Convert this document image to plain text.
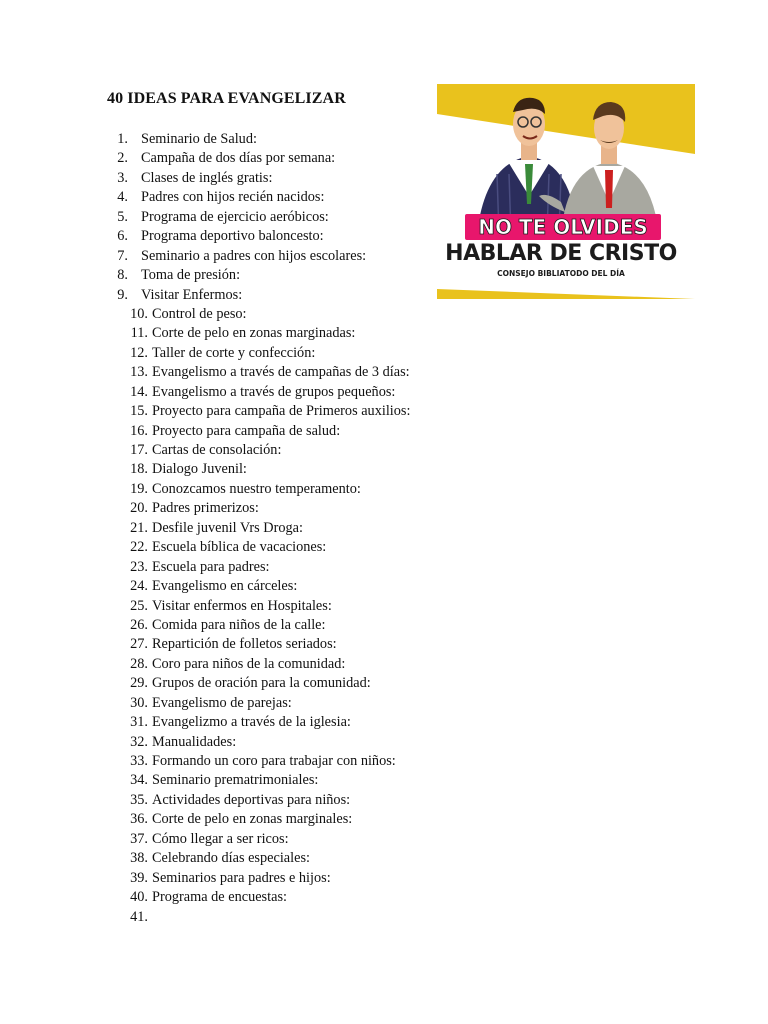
40 IDEAS PARA EVANGELIZAR
1. Seminario de Salud:
2. Campaña de dos días por semana:
3. Clases de inglés gratis:
4. Padres con hijos recién nacidos:
5. Programa de ejercicio aeróbicos:
6. Programa deportivo baloncesto:
7. Seminario a padres con hijos escolares:
8. Toma de presión:
9. Visitar Enfermos:
10. Control de peso:
11. Corte de pelo en zonas marginadas:
12. Taller de corte y confección:
13. Evangelismo a través de campañas de 3 días:
14. Evangelismo a través de grupos pequeños:
15. Proyecto para campaña de Primeros auxilios:
16. Proyecto para campaña de salud:
17. Cartas de consolación:
18. Dialogo Juvenil:
19. Conozcamos nuestro temperamento:
20. Padres primerizos:
21. Desfile juvenil Vrs Droga:
22. Escuela bíblica de vacaciones:
23. Escuela para padres:
24. Evangelismo en cárceles:
25. Visitar enfermos en Hospitales:
26. Comida para niños de la calle:
27. Repartición de folletos seriados:
28. Coro para niños de la comunidad:
29. Grupos de oración para la comunidad:
30. Evangelismo de parejas:
31. Evangelizmo a través de la iglesia:
32. Manualidades:
33. Formando un coro para trabajar con niños:
34. Seminario prematrimoniales:
35. Actividades deportivas para niños:
36. Corte de pelo en zonas marginales:
37. Cómo llegar a ser ricos:
38. Celebrando días especiales:
39. Seminarios para padres e hijos:
40. Programa de encuestas:
41.
NO TE OLVIDES
HABLAR DE CRISTO
CONSEJO BIBLIATODO DEL DÍA
